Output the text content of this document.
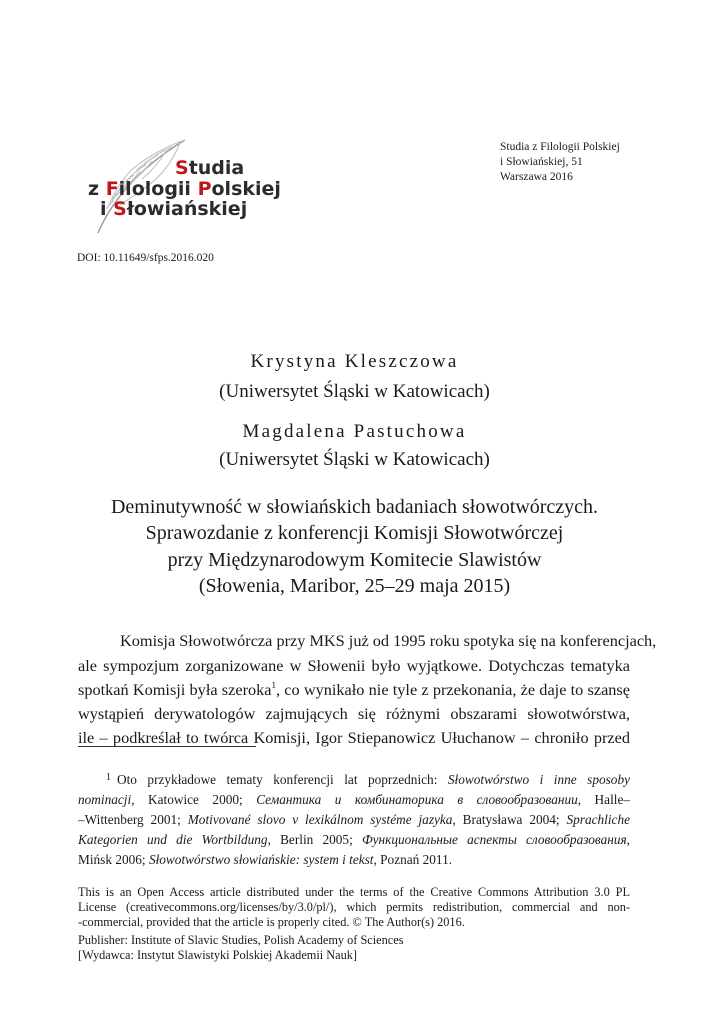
Studia
z Filologii Polskiej
i Słowiańskiej
Studia z Filologii Polskiej
i Słowiańskiej, 51
Warszawa 2016
DOI: 10.11649/sfps.2016.020
Krystyna Kleszczowa
(Uniwersytet Śląski w Katowicach)
Magdalena Pastuchowa
(Uniwersytet Śląski w Katowicach)
Deminutywność w słowiańskich badaniach słowotwórczych.
Sprawozdanie z konferencji Komisji Słowotwórczej
przy Międzynarodowym Komitecie Slawistów
(Słowenia, Maribor, 25–29 maja 2015)
Komisja Słowotwórcza przy MKS już od 1995 roku spotyka się na konferencjach,
ale sympozjum zorganizowane w Słowenii było wyjątkowe. Dotychczas tematyka
spotkań Komisji była szeroka$^1$, co wynikało nie tyle z przekonania, że daje to szansę
wystąpień derywatologów zajmujących się różnymi obszarami słowotwórstwa,
ile – podkreślał to twórca Komisji, Igor Stiepanowicz Ułuchanow – chroniło przed
$^1$ Oto przykładowe tematy konferencji lat poprzednich: Słowotwórstwo i inne sposoby
nominacji, Katowice 2000; Семантика и комбинаторика в словообразовании, Halle–
–Wittenberg 2001; Motivované slovo v lexikálnom systéme jazyka, Bratysława 2004; Sprachliche
Kategorien und die Wortbildung, Berlin 2005; Функциональные аспекты словообразования,
Mińsk 2006; Słowotwórstwo słowiańskie: system i tekst, Poznań 2011.
This is an Open Access article distributed under the terms of the Creative Commons Attribution 3.0 PL
License (creativecommons.org/licenses/by/3.0/pl/), which permits redistribution, commercial and non-
-commercial, provided that the article is properly cited. © The Author(s) 2016.
Publisher: Institute of Slavic Studies, Polish Academy of Sciences
[Wydawca: Instytut Slawistyki Polskiej Akademii Nauk]
